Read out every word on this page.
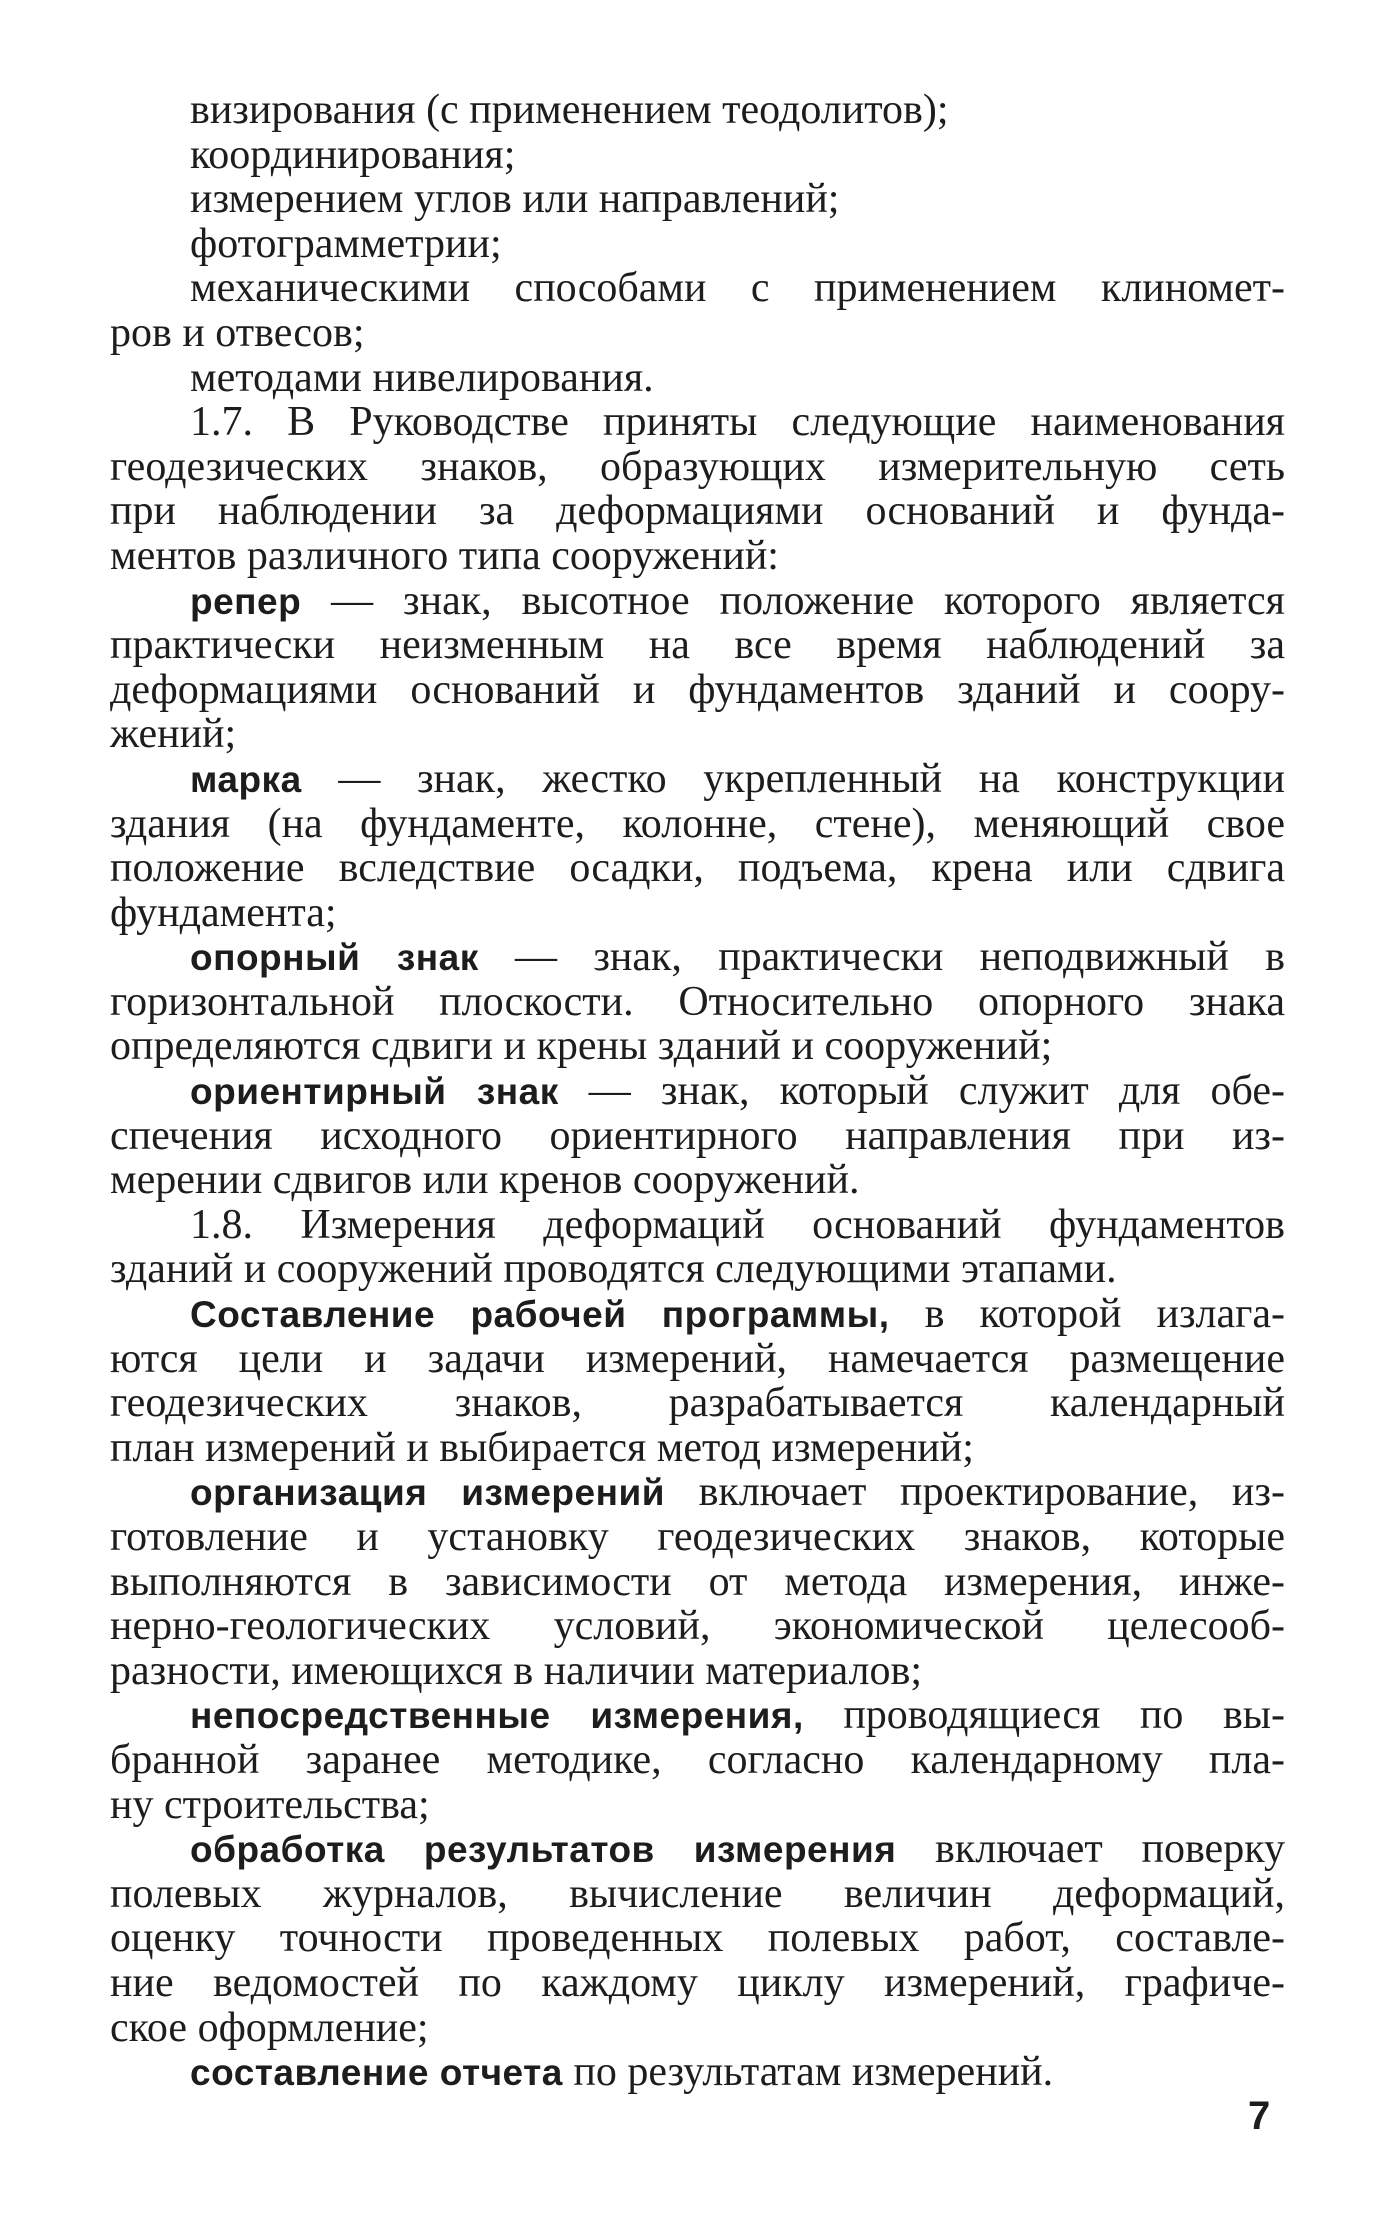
визирования (с применением теодолитов);
координирования;
измерением углов или направлений;
фотограмметрии;
механическими способами с применением клиномет-
ров и отвесов;
методами нивелирования.
1.7. В Руководстве приняты следующие наименования
геодезических знаков, образующих измерительную сеть
при наблюдении за деформациями оснований и фунда-
ментов различного типа сооружений:
репер — знак, высотное положение которого является
практически неизменным на все время наблюдений за
деформациями оснований и фундаментов зданий и соору-
жений;
марка — знак, жестко укрепленный на конструкции
здания (на фундаменте, колонне, стене), меняющий свое
положение вследствие осадки, подъема, крена или сдвига
фундамента;
опорный знак — знак, практически неподвижный в
горизонтальной плоскости. Относительно опорного знака
определяются сдвиги и крены зданий и сооружений;
ориентирный знак — знак, который служит для обе-
спечения исходного ориентирного направления при из-
мерении сдвигов или кренов сооружений.
1.8. Измерения деформаций оснований фундаментов
зданий и сооружений проводятся следующими этапами.
Составление рабочей программы, в которой излага-
ются цели и задачи измерений, намечается размещение
геодезических знаков, разрабатывается календарный
план измерений и выбирается метод измерений;
организация измерений включает проектирование, из-
готовление и установку геодезических знаков, которые
выполняются в зависимости от метода измерения, инже-
нерно-геологических условий, экономической целесооб-
разности, имеющихся в наличии материалов;
непосредственные измерения, проводящиеся по вы-
бранной заранее методике, согласно календарному пла-
ну строительства;
обработка результатов измерения включает поверку
полевых журналов, вычисление величин деформаций,
оценку точности проведенных полевых работ, составле-
ние ведомостей по каждому циклу измерений, графиче-
ское оформление;
составление отчета по результатам измерений.
7
